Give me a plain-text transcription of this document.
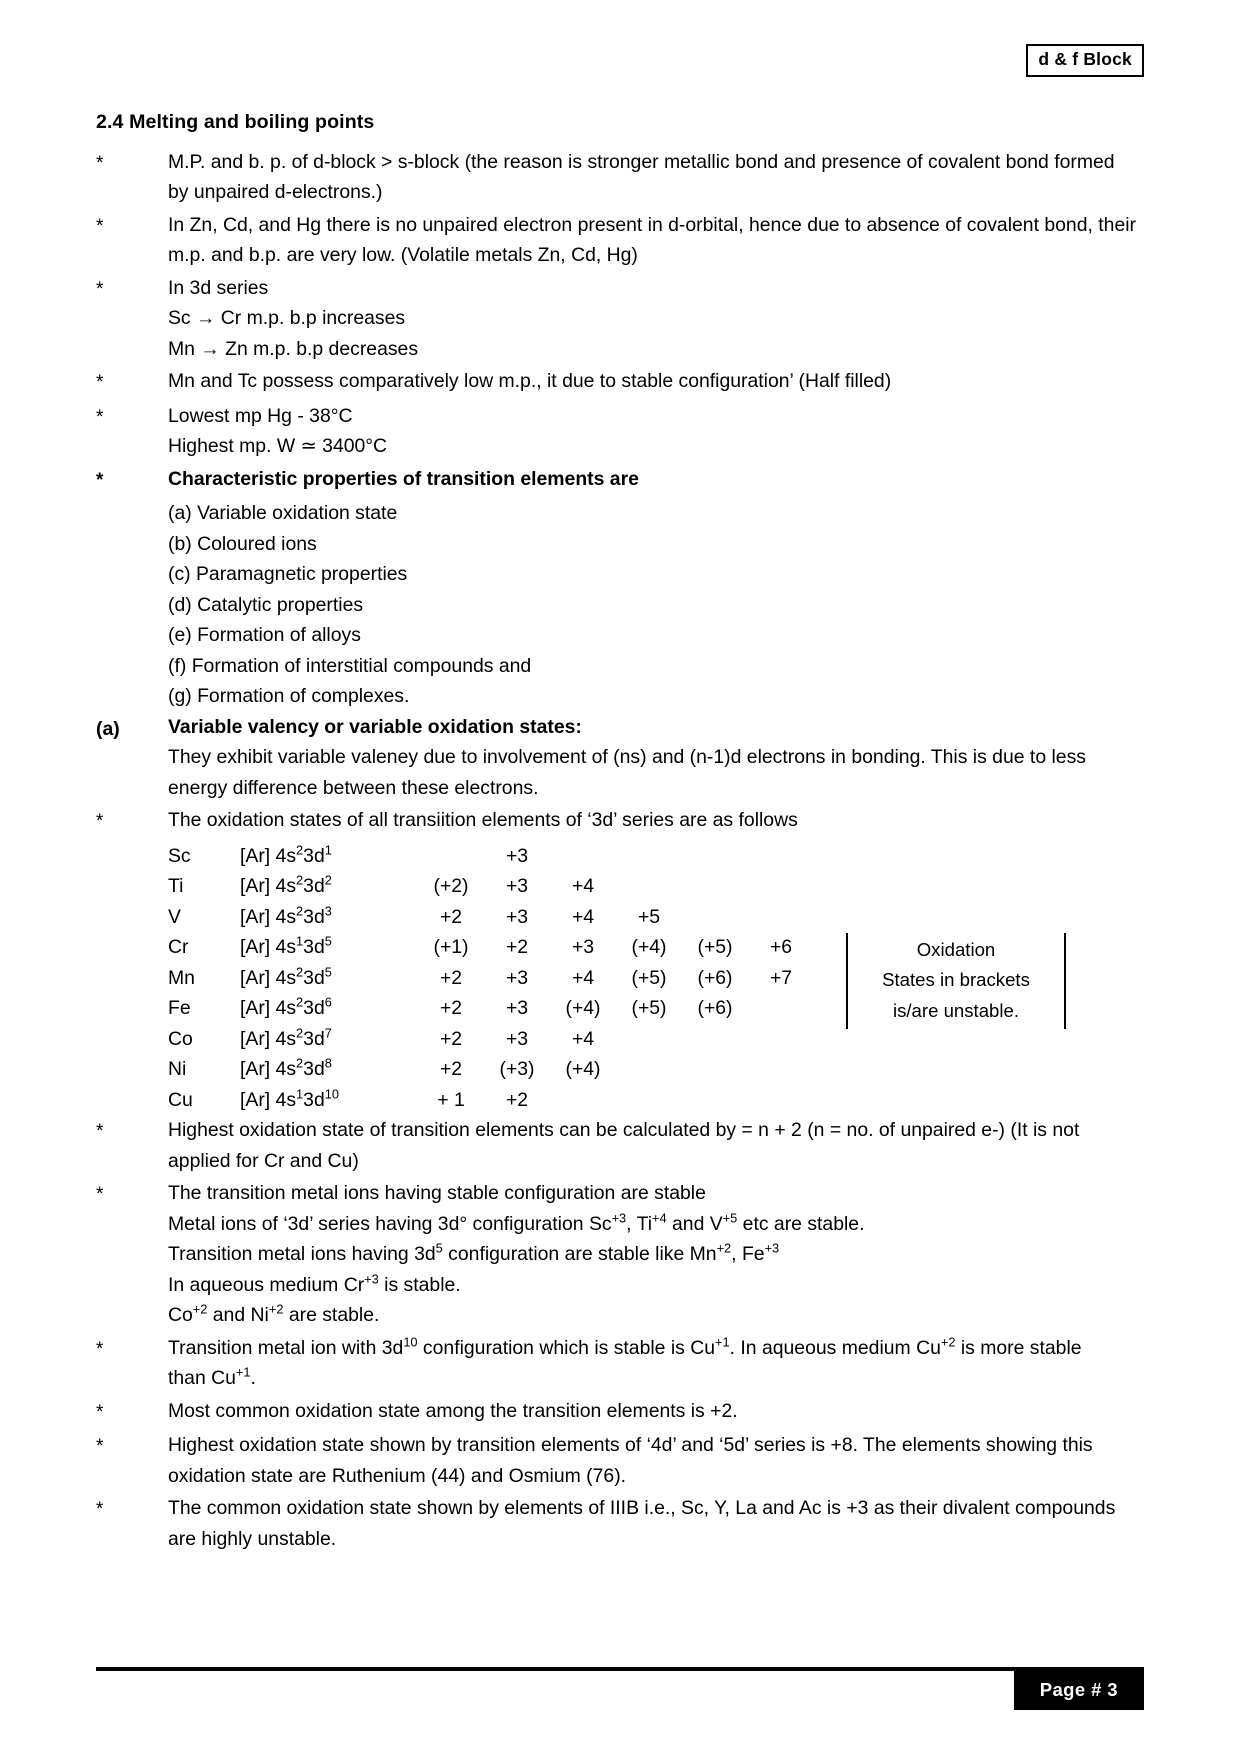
d & f Block
2.4 Melting and boiling points
*	M.P. and b. p. of d-block > s-block (the reason is stronger metallic bond and presence of covalent bond formed
by unpaired d-electrons.)
*	In Zn, Cd, and Hg there is no unpaired electron present in d-orbital, hence due to absence of covalent bond, their
m.p. and b.p. are very low. (Volatile metals Zn, Cd, Hg)
*	In 3d series
Sc → Cr m.p. b.p increases
Mn → Zn m.p. b.p decreases
*	Mn and Tc possess comparatively low m.p., it due to stable configuration’ (Half filled)
*	Lowest mp Hg - 38°C
Highest mp. W ≃ 3400°C
*	Characteristic properties of transition elements are
(a) Variable oxidation state
(b) Coloured ions
(c) Paramagnetic properties
(d) Catalytic properties
(e) Formation of alloys
(f) Formation of interstitial compounds and
(g) Formation of complexes.
(a)	Variable valency or variable oxidation states:
They exhibit variable valeney due to involvement of (ns) and (n-1)d electrons in bonding. This is due to less
energy difference between these electrons.
*	The oxidation states of all transiition elements of ‘3d’ series are as follows
Sc	[Ar] $4s^23d^1$		+3				
Ti	[Ar] $4s^23d^2$	(+2)	+3	+4			
V	[Ar] $4s^23d^3$	+2	+3	+4	+5		
Cr	[Ar] $4s^13d^5$	(+1)	+2	+3	(+4)	(+5)	+6
Mn	[Ar] $4s^23d^5$	+2	+3	+4	(+5)	(+6)	+7
Fe	[Ar] $4s^23d^6$	+2	+3	(+4)	(+5)	(+6)	
Co	[Ar] $4s^23d^7$	+2	+3	+4			
Ni	[Ar] $4s^23d^8$	+2	(+3)	(+4)			
Cu	[Ar] $4s^13d^{10}$	+ 1	+2				
Oxidation
States in brackets
is/are unstable.
*	Highest oxidation state of transition elements can be calculated by = n + 2 (n = no. of unpaired e-) (It is not
applied for Cr and Cu)
*	The transition metal ions having stable configuration are stable
Metal ions of ‘3d’ series having 3d° configuration $Sc^{+3}$, $Ti^{+4}$ and $V^{+5}$ etc are stable.
Transition metal ions having $3d^5$ configuration are stable like $Mn^{+2}$, $Fe^{+3}$
In aqueous medium $Cr^{+3}$ is stable.
$Co^{+2}$ and $Ni^{+2}$ are stable.
*	Transition metal ion with $3d^{10}$ configuration which is stable is $Cu^{+1}$. In aqueous medium $Cu^{+2}$ is more stable
than $Cu^{+1}$.
*	Most common oxidation state among the transition elements is +2.
*	Highest oxidation state shown by transition elements of ‘4d’ and ‘5d’ series is +8. The elements showing this
oxidation state are Ruthenium (44) and Osmium (76).
*	The common oxidation state shown by elements of IIIB i.e., Sc, Y, La and Ac is +3 as their divalent compounds
are highly unstable.
Page # 3
